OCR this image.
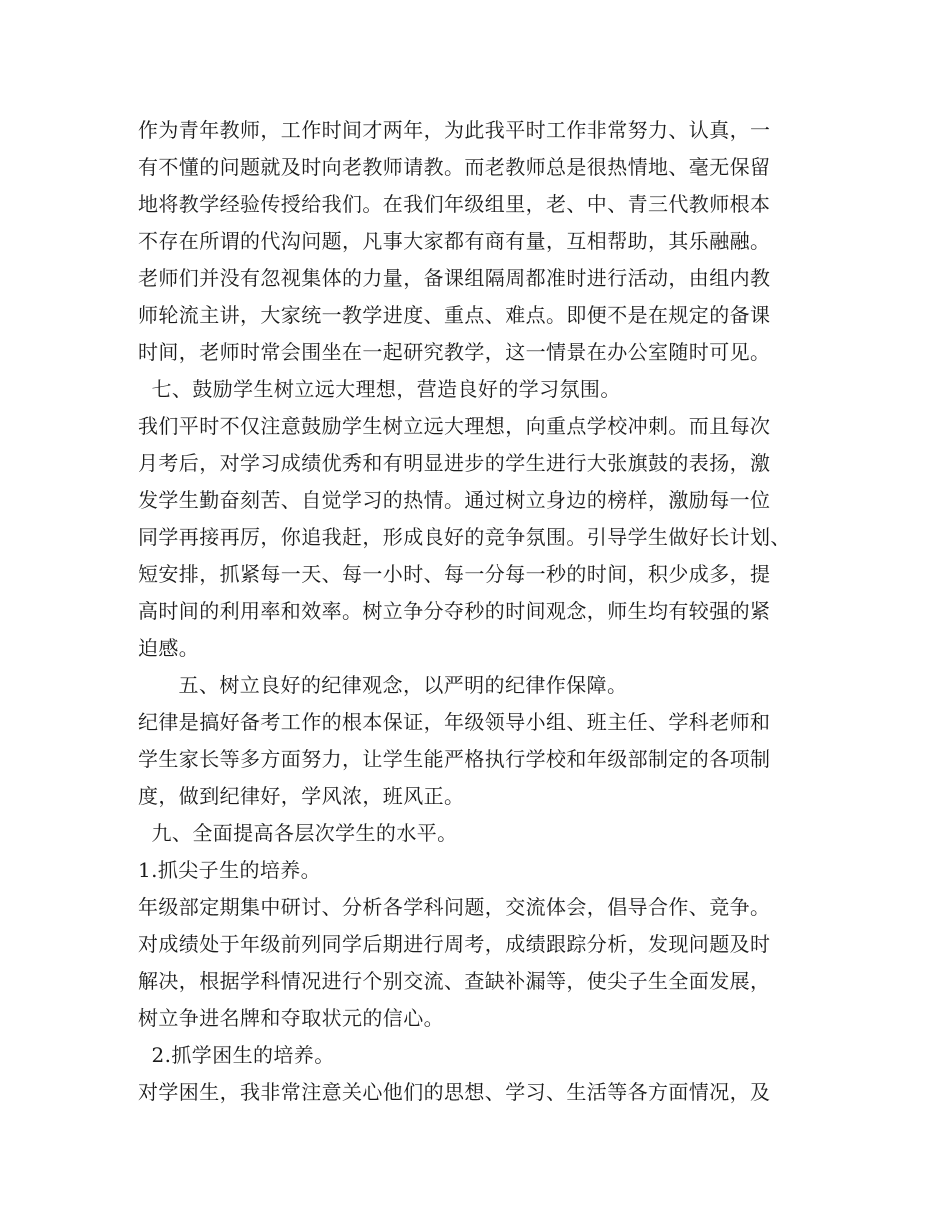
作为青年教师，工作时间才两年，为此我平时工作非常努力、认真，一
有不懂的问题就及时向老教师请教。而老教师总是很热情地、毫无保留
地将教学经验传授给我们。在我们年级组里，老、中、青三代教师根本
不存在所谓的代沟问题，凡事大家都有商有量，互相帮助，其乐融融。
老师们并没有忽视集体的力量，备课组隔周都准时进行活动，由组内教
师轮流主讲，大家统一教学进度、重点、难点。即便不是在规定的备课
时间，老师时常会围坐在一起研究教学，这一情景在办公室随时可见。
七、鼓励学生树立远大理想，营造良好的学习氛围。
我们平时不仅注意鼓励学生树立远大理想，向重点学校冲刺。而且每次
月考后，对学习成绩优秀和有明显进步的学生进行大张旗鼓的表扬，激
发学生勤奋刻苦、自觉学习的热情。通过树立身边的榜样，激励每一位
同学再接再厉，你追我赶，形成良好的竞争氛围。引导学生做好长计划、
短安排，抓紧每一天、每一小时、每一分每一秒的时间，积少成多，提
高时间的利用率和效率。树立争分夺秒的时间观念，师生均有较强的紧
迫感。
五、树立良好的纪律观念，以严明的纪律作保障。
纪律是搞好备考工作的根本保证，年级领导小组、班主任、学科老师和
学生家长等多方面努力，让学生能严格执行学校和年级部制定的各项制
度，做到纪律好，学风浓，班风正。
九、全面提高各层次学生的水平。
1.抓尖子生的培养。
年级部定期集中研讨、分析各学科问题，交流体会，倡导合作、竞争。
对成绩处于年级前列同学后期进行周考，成绩跟踪分析，发现问题及时
解决，根据学科情况进行个别交流、查缺补漏等，使尖子生全面发展，
树立争进名牌和夺取状元的信心。
2.抓学困生的培养。
对学困生，我非常注意关心他们的思想、学习、生活等各方面情况，及
